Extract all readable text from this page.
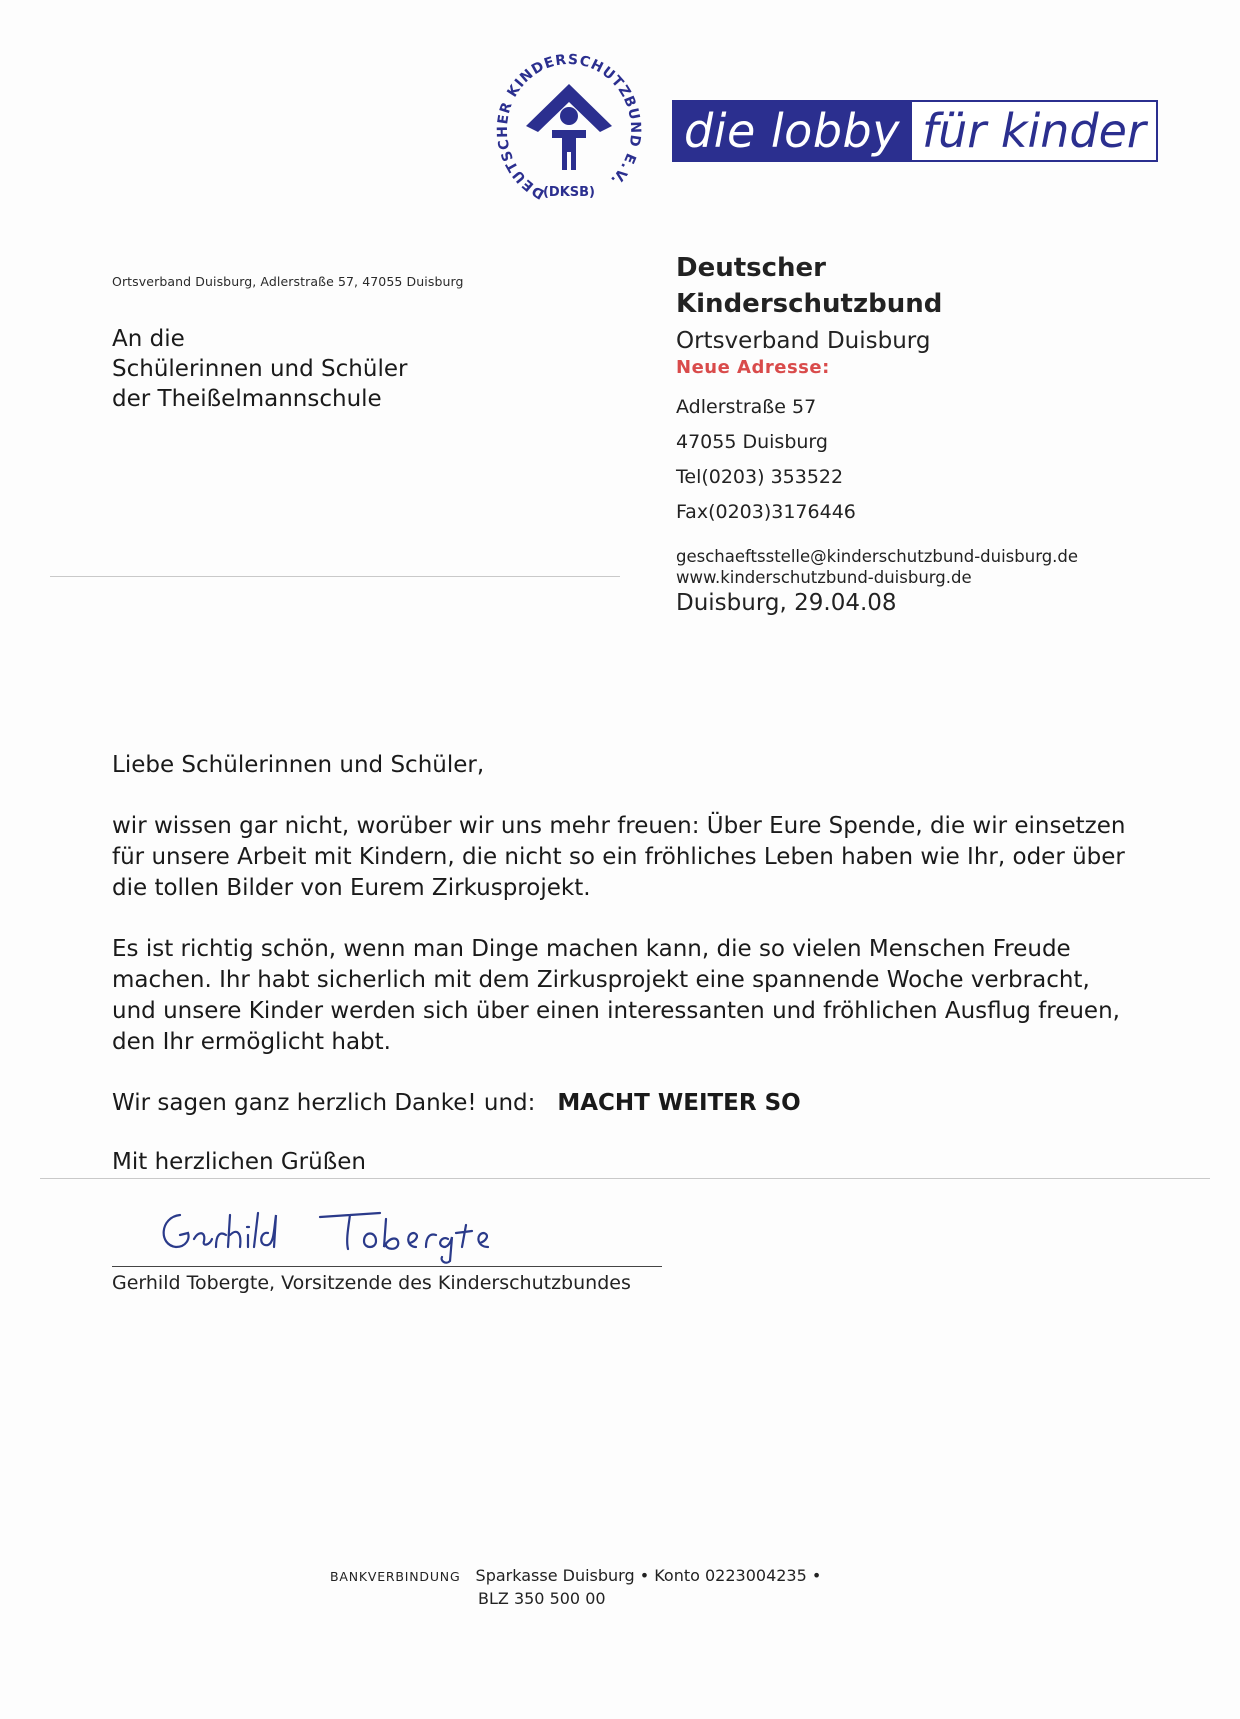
DEUTSCHER KINDERSCHUTZBUND E.V.
(DKSB)
die lobby für kinder
Ortsverband Duisburg, Adlerstraße 57, 47055 Duisburg
An die
Schülerinnen und Schüler
der Theißelmannschule
Deutscher
Kinderschutzbund
Ortsverband Duisburg
Neue Adresse:
Adlerstraße 57
47055 Duisburg
Tel(0203) 353522
Fax(0203)3176446
geschaeftsstelle@kinderschutzbund-duisburg.de
www.kinderschutzbund-duisburg.de
Duisburg, 29.04.08

Liebe Schülerinnen und Schüler,

wir wissen gar nicht, worüber wir uns mehr freuen: Über Eure Spende, die wir einsetzen für unsere Arbeit mit Kindern, die nicht so ein fröhliches Leben haben wie Ihr, oder über die tollen Bilder von Eurem Zirkusprojekt.

Es ist richtig schön, wenn man Dinge machen kann, die so vielen Menschen Freude machen. Ihr habt sicherlich mit dem Zirkusprojekt eine spannende Woche verbracht, und unsere Kinder werden sich über einen interessanten und fröhlichen Ausflug freuen, den Ihr ermöglicht habt.

Wir sagen ganz herzlich Danke! und: MACHT WEITER SO

Mit herzlichen Grüßen
Gerhild Tobergte, Vorsitzende des Kinderschutzbundes
BANKVERBINDUNG Sparkasse Duisburg • Konto 0223004235 •
BLZ 350 500 00
